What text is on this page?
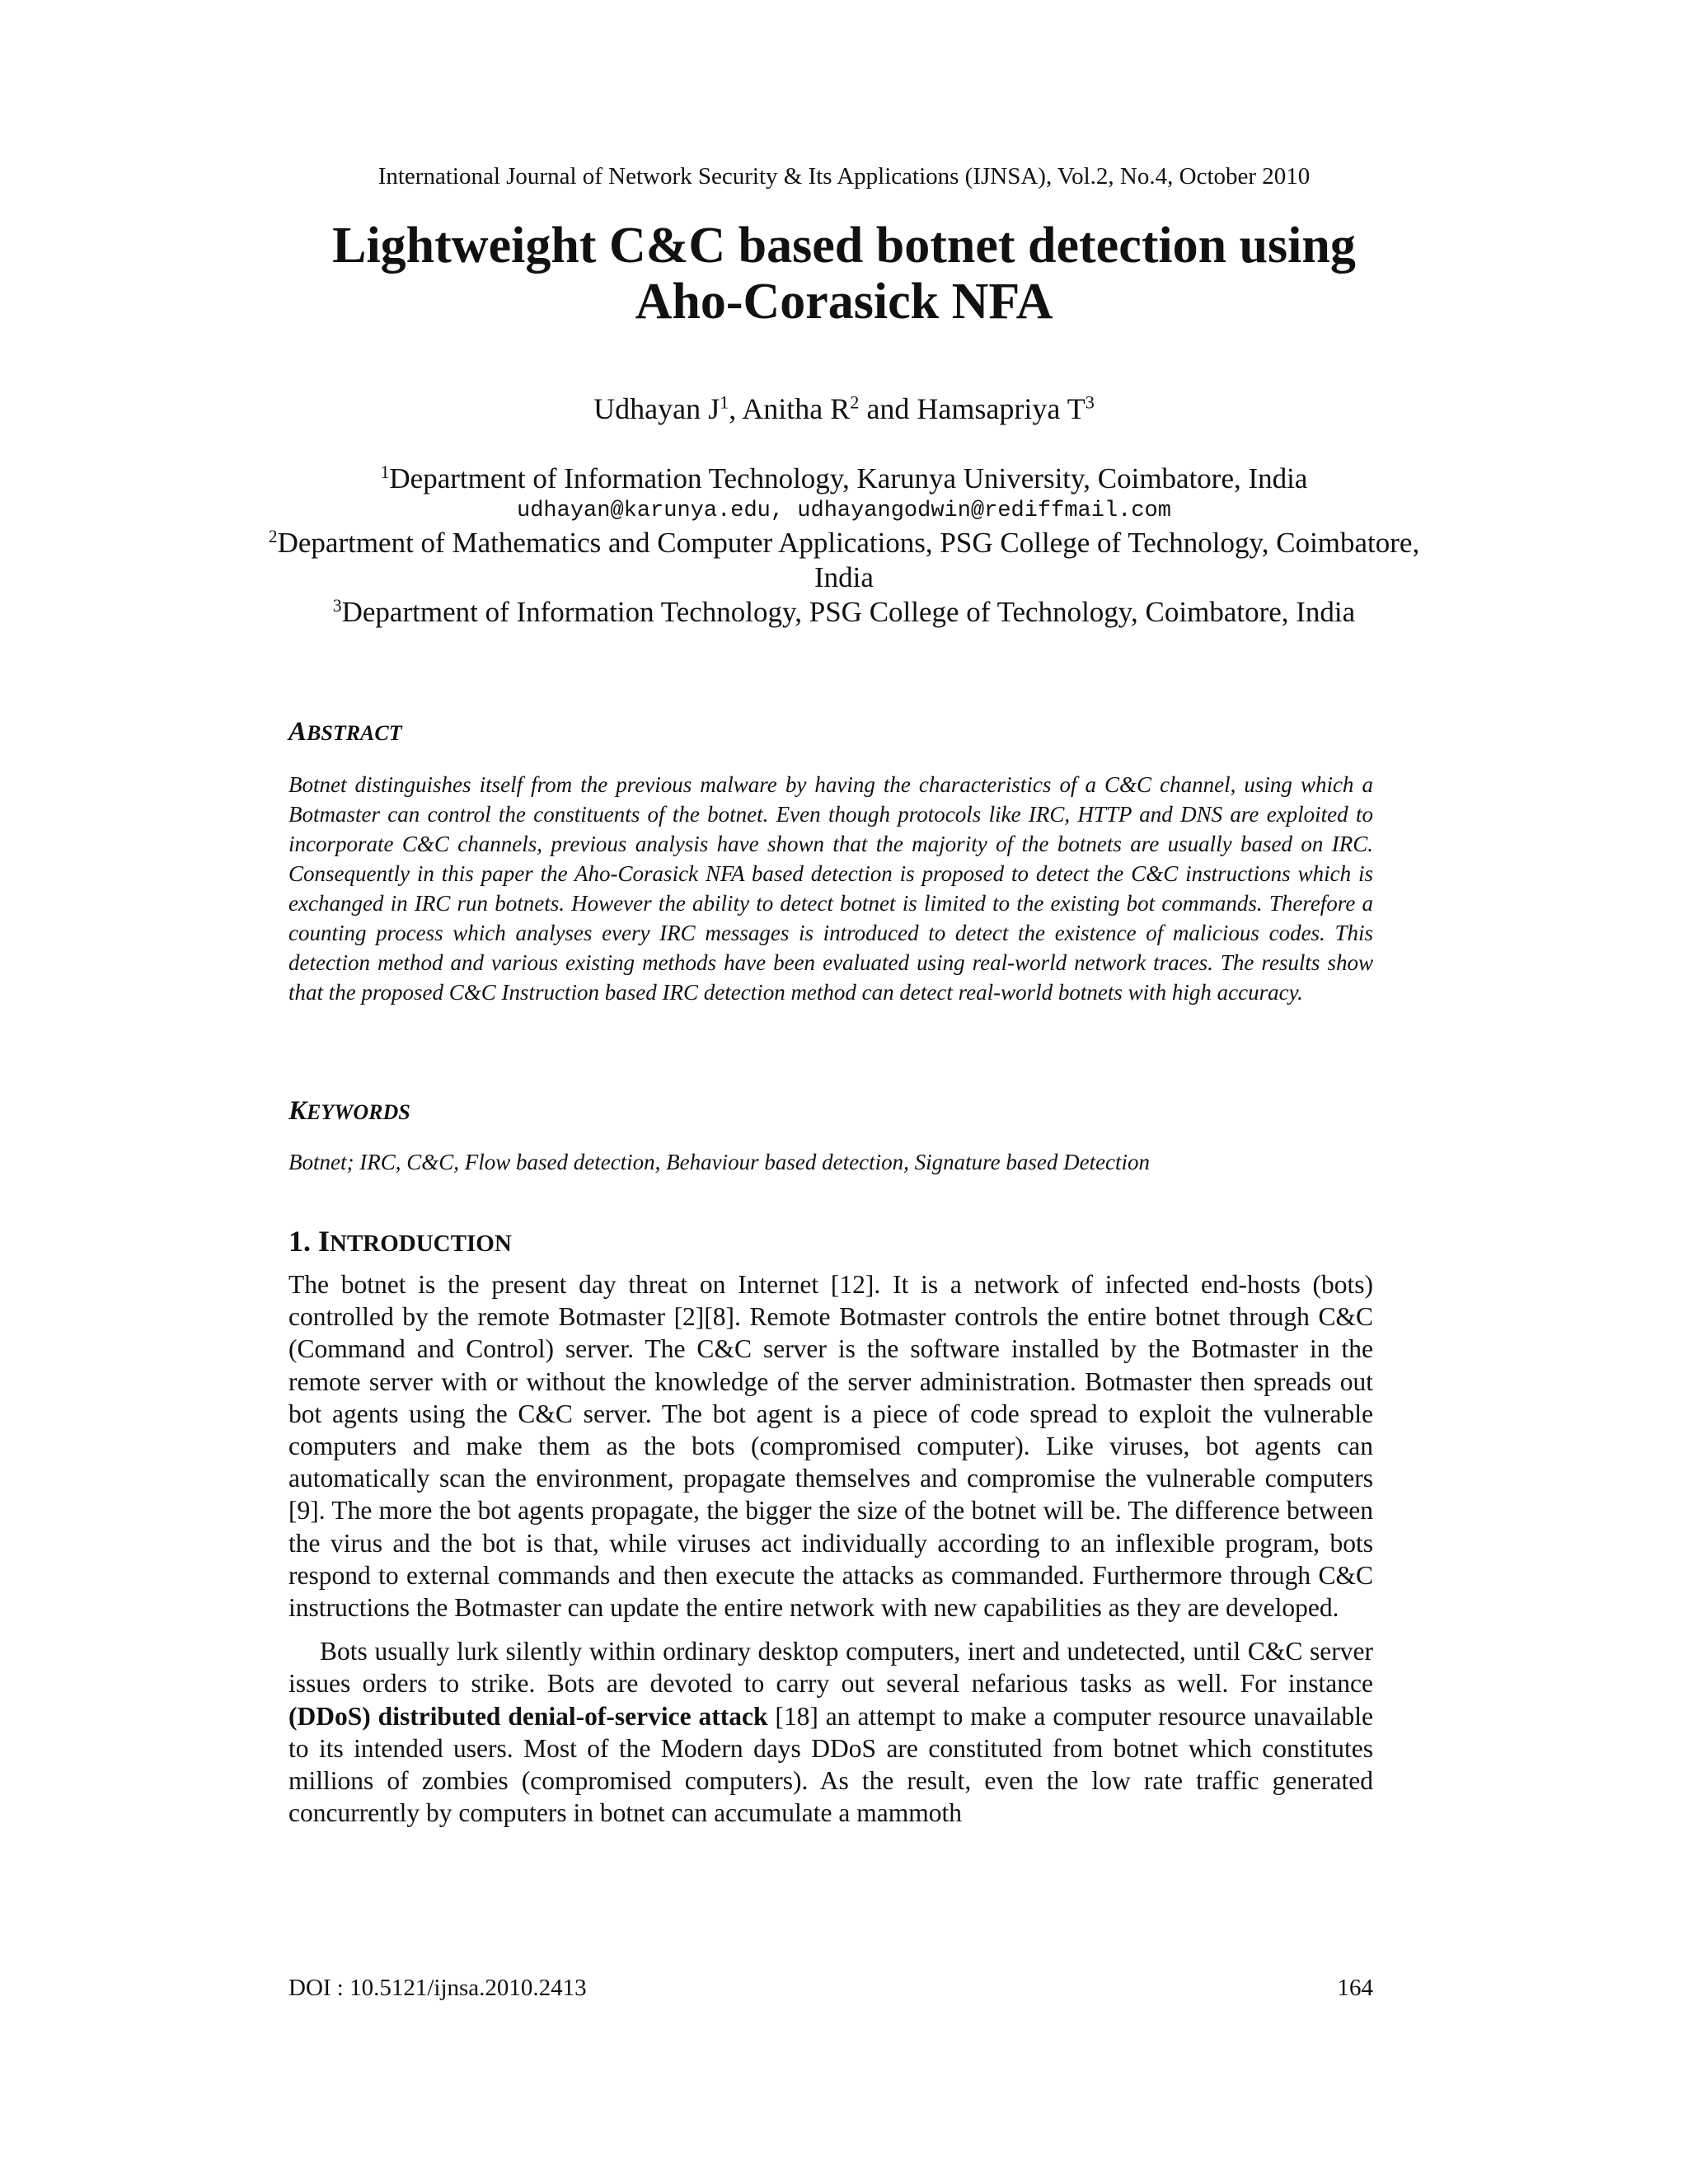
International Journal of Network Security & Its Applications (IJNSA), Vol.2, No.4, October 2010
Lightweight C&C based botnet detection using
Aho-Corasick NFA
Udhayan $J^1$, Anitha $R^2$ and Hamsapriya $T^3$
$^1$Department of Information Technology, Karunya University, Coimbatore, India
udhayan@karunya.edu, udhayangodwin@rediffmail.com
$^2$Department of Mathematics and Computer Applications, PSG College of Technology, Coimbatore, India
$^3$Department of Information Technology, PSG College of Technology, Coimbatore, India
ABSTRACT
Botnet distinguishes itself from the previous malware by having the characteristics of a C&C channel, using which a Botmaster can control the constituents of the botnet. Even though protocols like IRC, HTTP and DNS are exploited to incorporate C&C channels, previous analysis have shown that the majority of the botnets are usually based on IRC. Consequently in this paper the Aho-Corasick NFA based detection is proposed to detect the C&C instructions which is exchanged in IRC run botnets. However the ability to detect botnet is limited to the existing bot commands. Therefore a counting process which analyses every IRC messages is introduced to detect the existence of malicious codes. This detection method and various existing methods have been evaluated using real-world network traces. The results show that the proposed C&C Instruction based IRC detection method can detect real-world botnets with high accuracy.
KEYWORDS
Botnet; IRC, C&C, Flow based detection, Behaviour based detection, Signature based Detection
1. INTRODUCTION

The botnet is the present day threat on Internet [12]. It is a network of infected end-hosts (bots) controlled by the remote Botmaster [2][8]. Remote Botmaster controls the entire botnet through C&C (Command and Control) server. The C&C server is the software installed by the Botmaster in the remote server with or without the knowledge of the server administration. Botmaster then spreads out bot agents using the C&C server. The bot agent is a piece of code spread to exploit the vulnerable computers and make them as the bots (compromised computer). Like viruses, bot agents can automatically scan the environment, propagate themselves and compromise the vulnerable computers [9]. The more the bot agents propagate, the bigger the size of the botnet will be. The difference between the virus and the bot is that, while viruses act individually according to an inflexible program, bots respond to external commands and then execute the attacks as commanded. Furthermore through C&C instructions the Botmaster can update the entire network with new capabilities as they are developed.

Bots usually lurk silently within ordinary desktop computers, inert and undetected, until C&C server issues orders to strike. Bots are devoted to carry out several nefarious tasks as well. For instance (DDoS) distributed denial-of-service attack [18] an attempt to make a computer resource unavailable to its intended users. Most of the Modern days DDoS are constituted from botnet which constitutes millions of zombies (compromised computers). As the result, even the low rate traffic generated concurrently by computers in botnet can accumulate a mammoth

DOI : 10.5121/ijnsa.2010.2413	164
